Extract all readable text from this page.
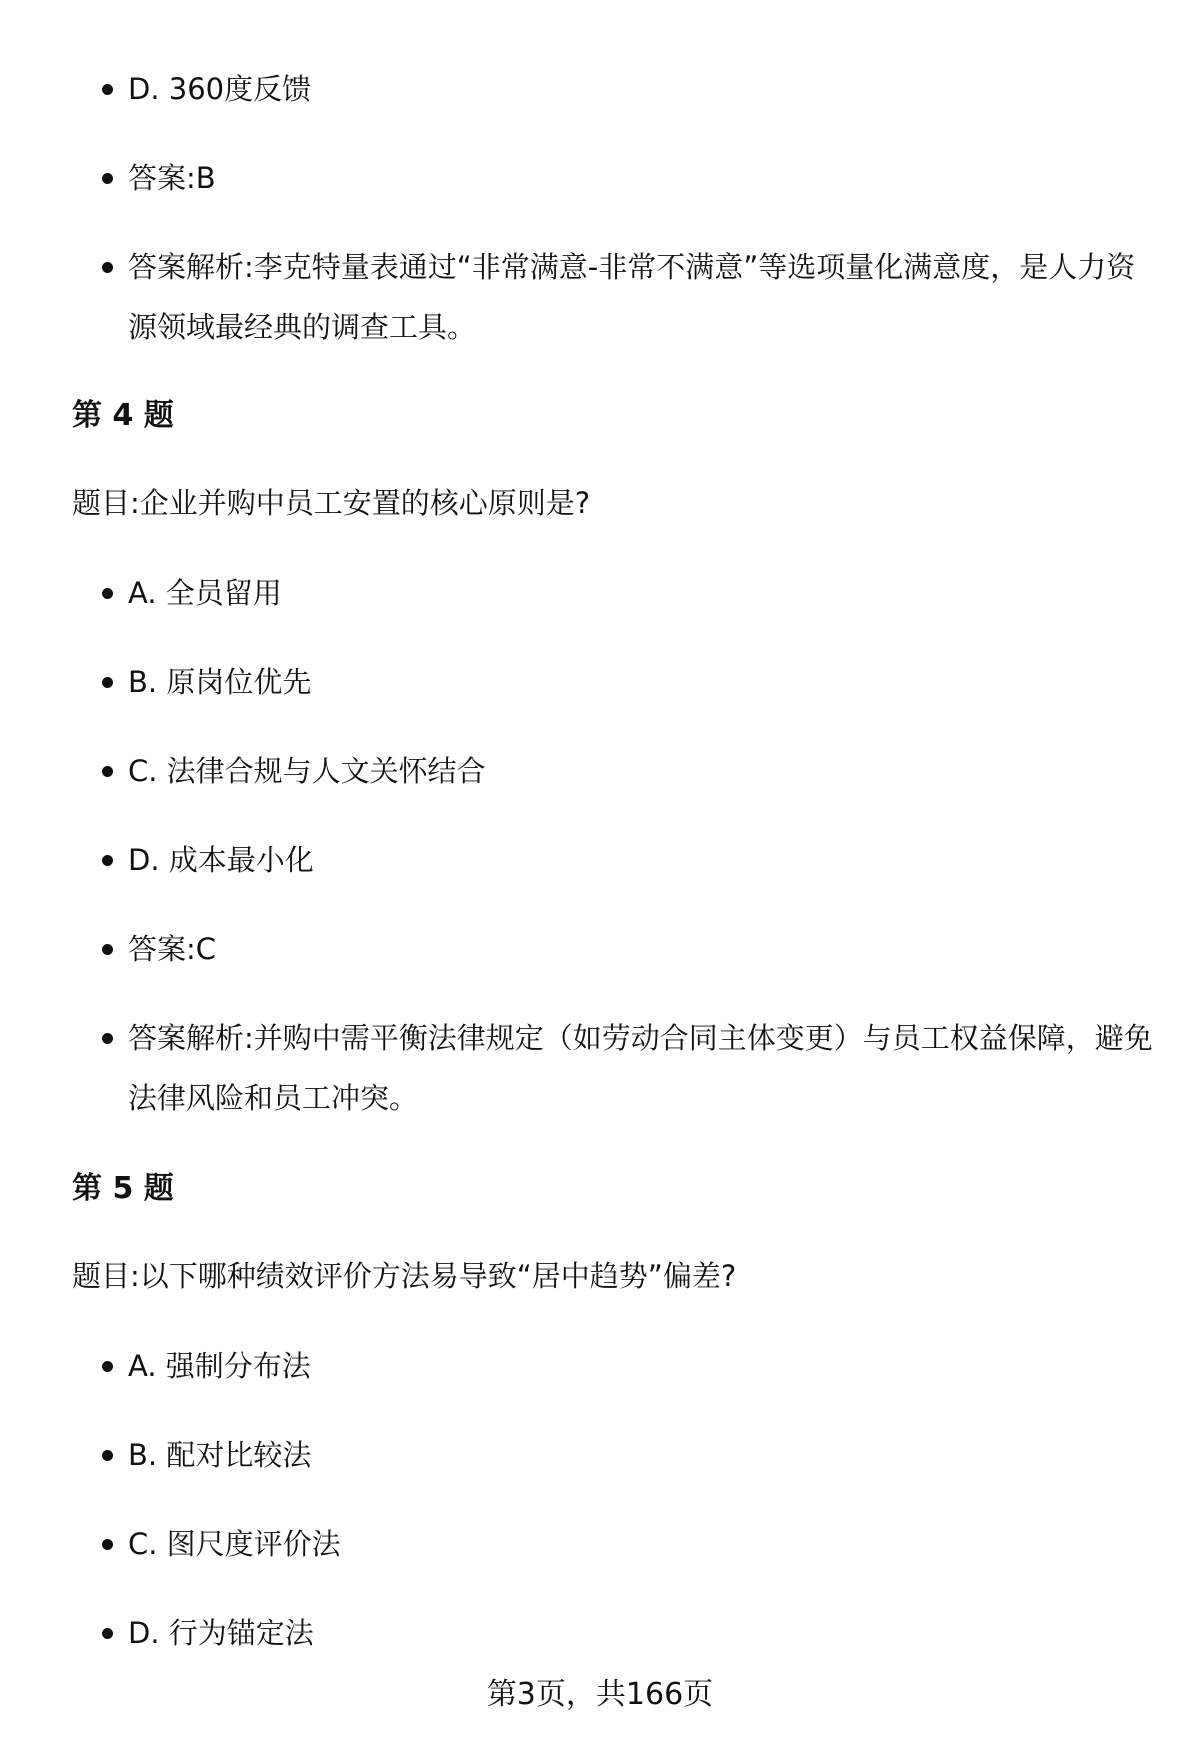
D. 360度反馈
答案:B
答案解析:李克特量表通过“非常满意-非常不满意”等选项量化满意度，是人力资源领域最经典的调查工具。
第 4 题
题目:企业并购中员工安置的核心原则是?
A. 全员留用
B. 原岗位优先
C. 法律合规与人文关怀结合
D. 成本最小化
答案:C
答案解析:并购中需平衡法律规定（如劳动合同主体变更）与员工权益保障，避免法律风险和员工冲突。
第 5 题
题目:以下哪种绩效评价方法易导致“居中趋势”偏差?
A. 强制分布法
B. 配对比较法
C. 图尺度评价法
D. 行为锚定法
第3页，共166页
